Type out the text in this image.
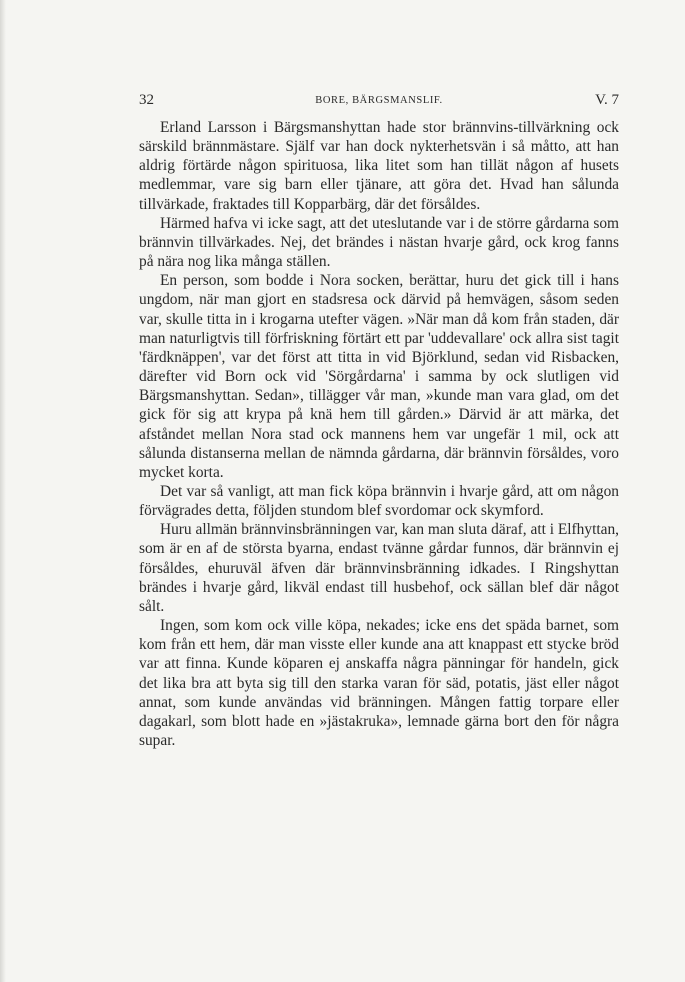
32	BORE, BÄRGSMANSLIF.	V. 7

Erland Larsson i Bärgsmanshyttan hade stor brännvins-tillvärkning ock särskild brännmästare. Själf var han dock nykterhetsvän i så måtto, att han aldrig förtärde någon spirituosa, lika litet som han tillät någon af husets medlemmar, vare sig barn eller tjänare, att göra det. Hvad han sålunda tillvärkade, fraktades till Kopparbärg, där det försåldes.

Härmed hafva vi icke sagt, att det uteslutande var i de större gårdarna som brännvin tillvärkades. Nej, det brändes i nästan hvarje gård, ock krog fanns på nära nog lika många ställen.

En person, som bodde i Nora socken, berättar, huru det gick till i hans ungdom, när man gjort en stadsresa ock därvid på hemvägen, såsom seden var, skulle titta in i krogarna utefter vägen. »När man då kom från staden, där man naturligtvis till förfriskning förtärt ett par 'uddevallare' ock allra sist tagit 'färdknäppen', var det först att titta in vid Björklund, sedan vid Risbacken, därefter vid Born ock vid 'Sörgårdarna' i samma by ock slutligen vid Bärgsmanshyttan. Sedan», tillägger vår man, »kunde man vara glad, om det gick för sig att krypa på knä hem till gården.» Därvid är att märka, det afståndet mellan Nora stad ock mannens hem var ungefär 1 mil, ock att sålunda distanserna mellan de nämnda gårdarna, där brännvin försåldes, voro mycket korta.

Det var så vanligt, att man fick köpa brännvin i hvarje gård, att om någon förvägrades detta, följden stundom blef svordomar ock skymford.

Huru allmän brännvinsbränningen var, kan man sluta däraf, att i Elfhyttan, som är en af de största byarna, endast tvänne gårdar funnos, där brännvin ej försåldes, ehuruväl äfven där brännvinsbränning idkades. I Ringshyttan brändes i hvarje gård, likväl endast till husbehof, ock sällan blef där något sålt.

Ingen, som kom ock ville köpa, nekades; icke ens det späda barnet, som kom från ett hem, där man visste eller kunde ana att knappast ett stycke bröd var att finna. Kunde köparen ej anskaffa några pänningar för handeln, gick det lika bra att byta sig till den starka varan för säd, potatis, jäst eller något annat, som kunde användas vid bränningen. Mången fattig torpare eller dagakarl, som blott hade en »jästakruka», lemnade gärna bort den för några supar.
